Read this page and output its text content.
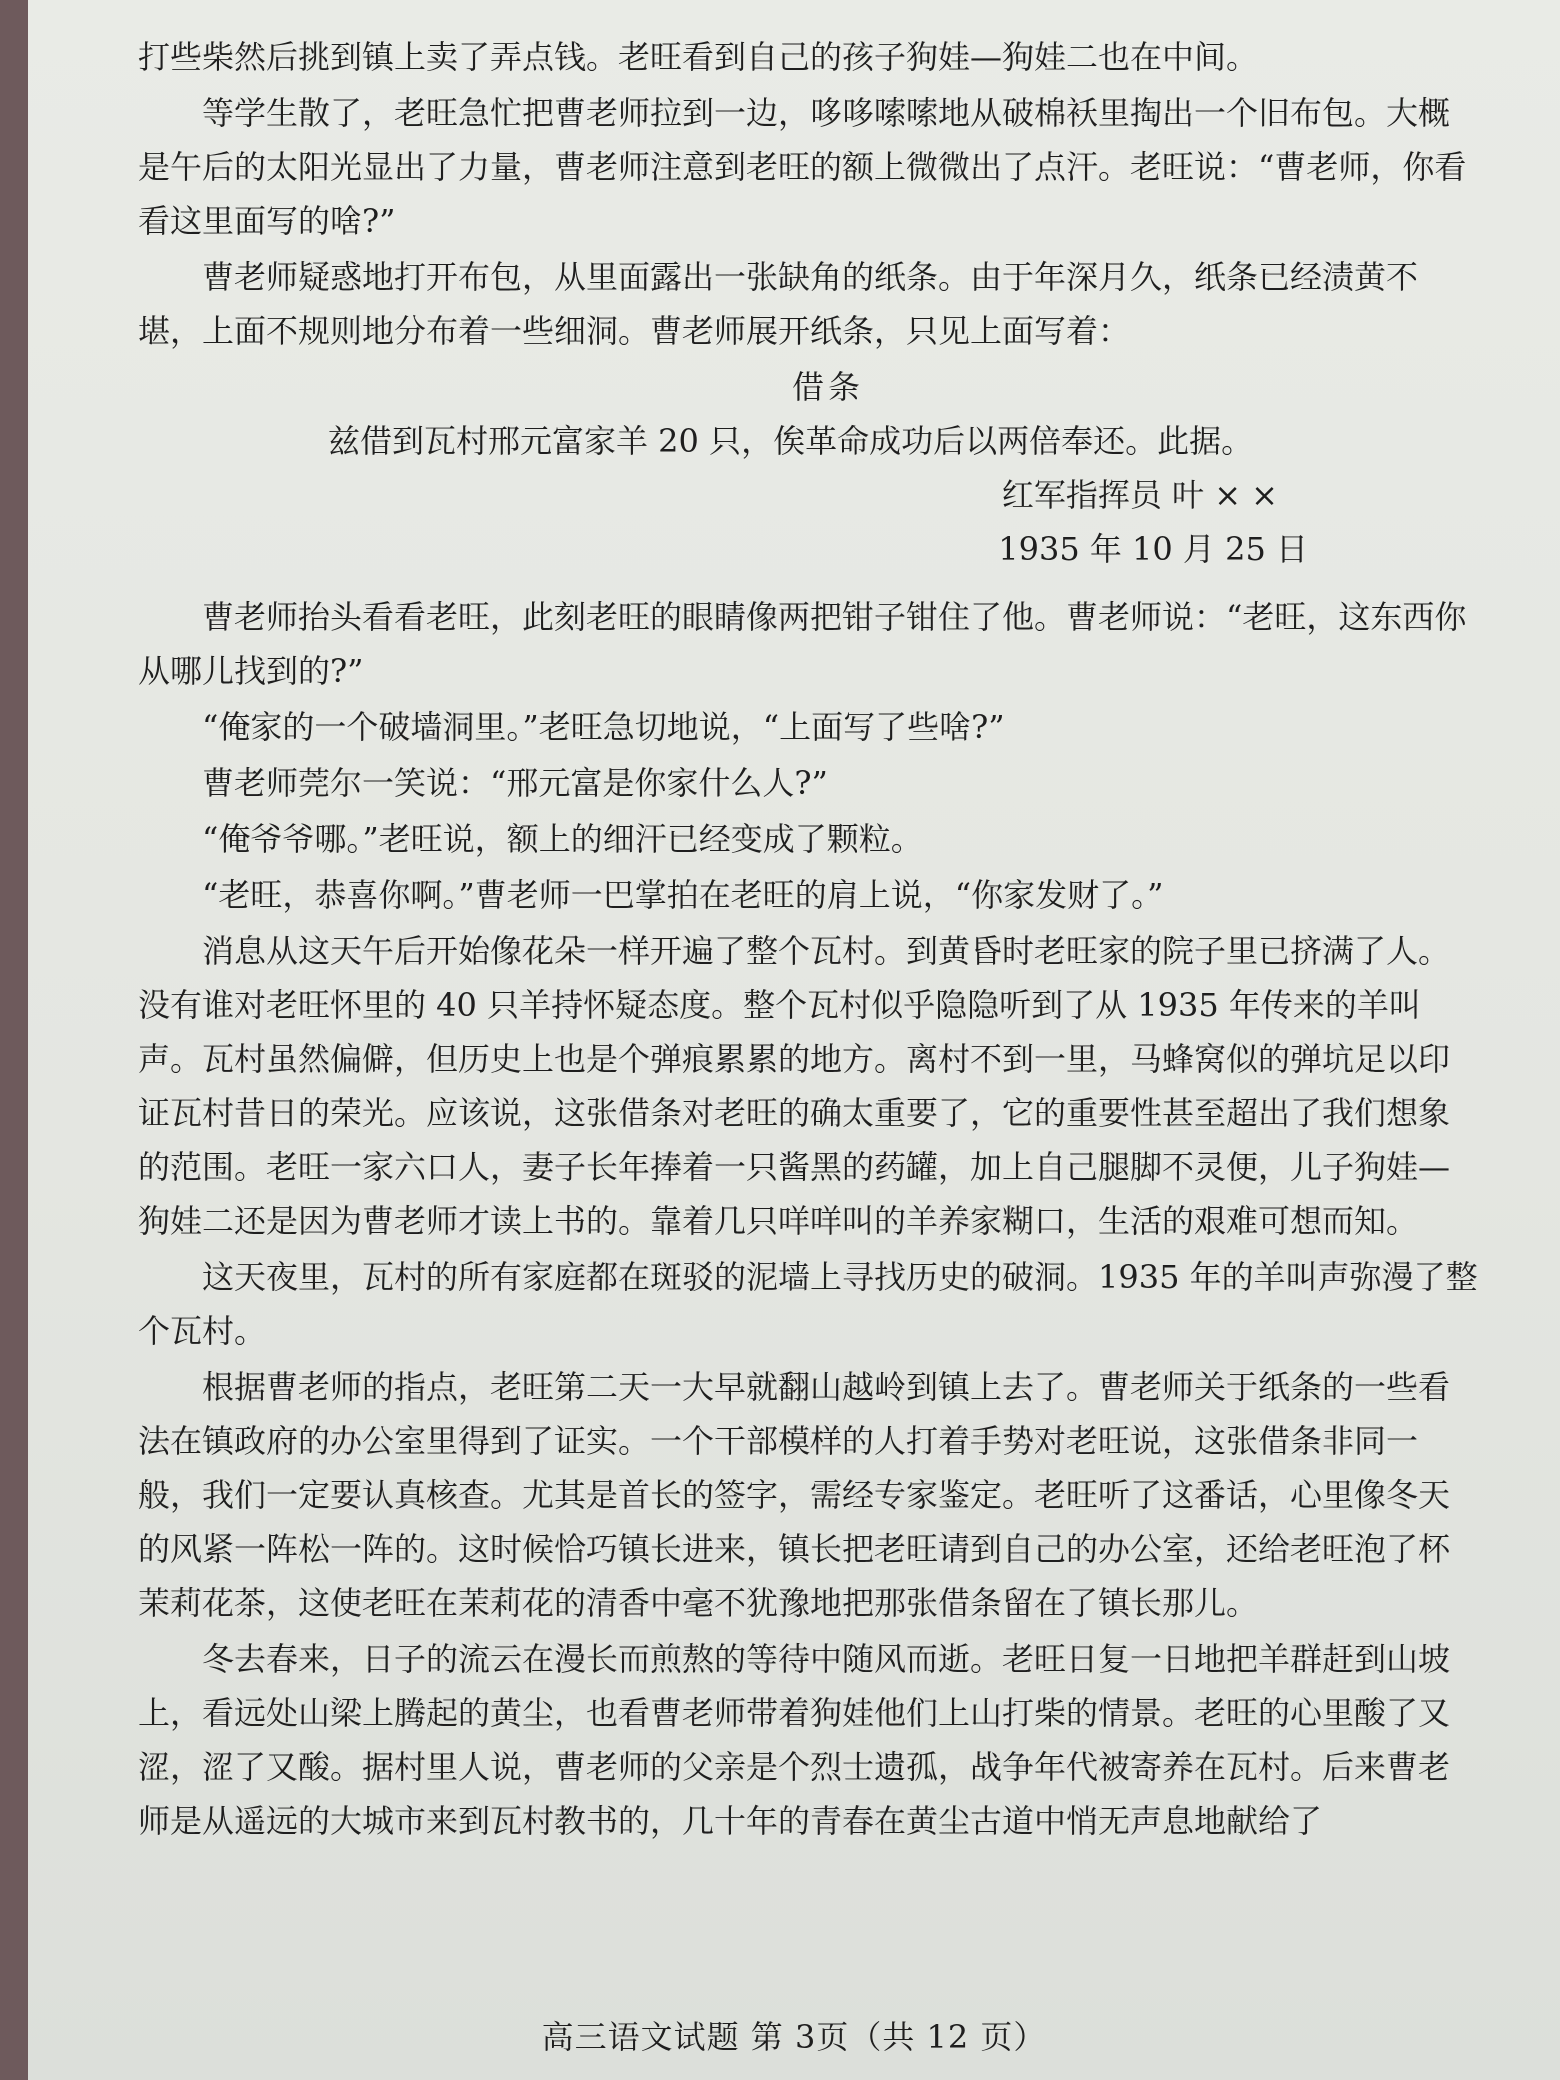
打些柴然后挑到镇上卖了弄点钱。老旺看到自己的孩子狗娃—狗娃二也在中间。

等学生散了，老旺急忙把曹老师拉到一边，哆哆嗦嗦地从破棉袄里掏出一个旧布包。大概是午后的太阳光显出了力量，曹老师注意到老旺的额上微微出了点汗。老旺说：“曹老师，你看看这里面写的啥?”

曹老师疑惑地打开布包，从里面露出一张缺角的纸条。由于年深月久，纸条已经渍黄不堪，上面不规则地分布着一些细洞。曹老师展开纸条，只见上面写着：

借条
兹借到瓦村邢元富家羊 20 只，俟革命成功后以两倍奉还。此据。
红军指挥员 叶 × ×
1935 年 10 月 25 日

曹老师抬头看看老旺，此刻老旺的眼睛像两把钳子钳住了他。曹老师说：“老旺，这东西你从哪儿找到的?”

“俺家的一个破墙洞里。”老旺急切地说，“上面写了些啥?”

曹老师莞尔一笑说：“邢元富是你家什么人?”

“俺爷爷哪。”老旺说，额上的细汗已经变成了颗粒。

“老旺，恭喜你啊。”曹老师一巴掌拍在老旺的肩上说，“你家发财了。”

消息从这天午后开始像花朵一样开遍了整个瓦村。到黄昏时老旺家的院子里已挤满了人。没有谁对老旺怀里的 40 只羊持怀疑态度。整个瓦村似乎隐隐听到了从 1935 年传来的羊叫声。瓦村虽然偏僻，但历史上也是个弹痕累累的地方。离村不到一里，马蜂窝似的弹坑足以印证瓦村昔日的荣光。应该说，这张借条对老旺的确太重要了，它的重要性甚至超出了我们想象的范围。老旺一家六口人，妻子长年捧着一只酱黑的药罐，加上自己腿脚不灵便，儿子狗娃—狗娃二还是因为曹老师才读上书的。靠着几只咩咩叫的羊养家糊口，生活的艰难可想而知。

这天夜里，瓦村的所有家庭都在斑驳的泥墙上寻找历史的破洞。1935 年的羊叫声弥漫了整个瓦村。

根据曹老师的指点，老旺第二天一大早就翻山越岭到镇上去了。曹老师关于纸条的一些看法在镇政府的办公室里得到了证实。一个干部模样的人打着手势对老旺说，这张借条非同一般，我们一定要认真核查。尤其是首长的签字，需经专家鉴定。老旺听了这番话，心里像冬天的风紧一阵松一阵的。这时候恰巧镇长进来，镇长把老旺请到自己的办公室，还给老旺泡了杯茉莉花茶，这使老旺在茉莉花的清香中毫不犹豫地把那张借条留在了镇长那儿。

冬去春来，日子的流云在漫长而煎熬的等待中随风而逝。老旺日复一日地把羊群赶到山坡上，看远处山梁上腾起的黄尘，也看曹老师带着狗娃他们上山打柴的情景。老旺的心里酸了又涩，涩了又酸。据村里人说，曹老师的父亲是个烈士遗孤，战争年代被寄养在瓦村。后来曹老师是从遥远的大城市来到瓦村教书的，几十年的青春在黄尘古道中悄无声息地献给了

高三语文试题 第 3页（共 12 页）
